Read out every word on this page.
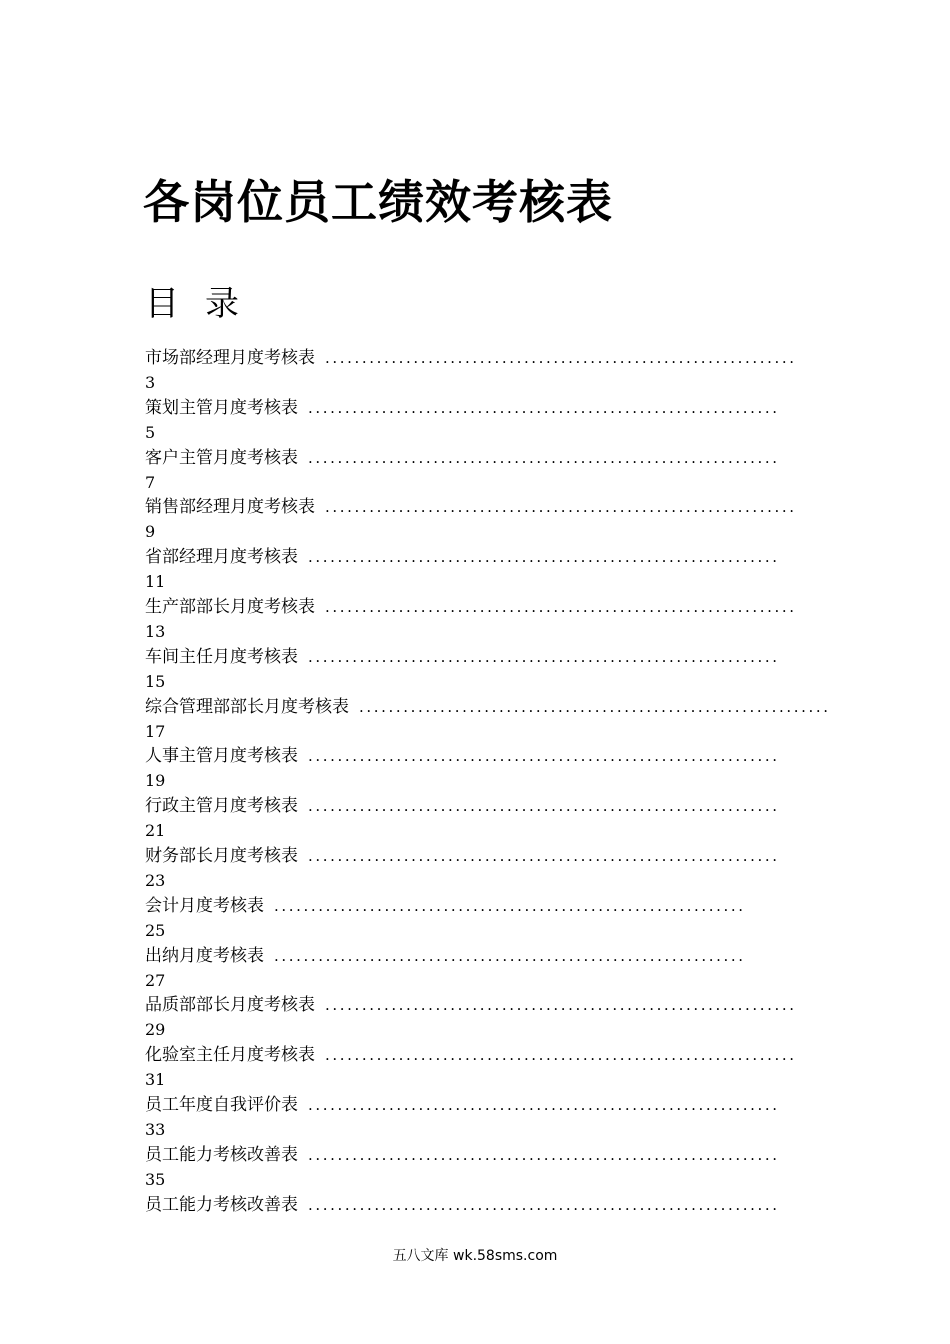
各岗位员工绩效考核表
目录
市场部经理月度考核表 ................................................................
3
策划主管月度考核表 ................................................................
5
客户主管月度考核表 ................................................................
7
销售部经理月度考核表 ................................................................
9
省部经理月度考核表 ................................................................
11
生产部部长月度考核表 ................................................................
13
车间主任月度考核表 ................................................................
15
综合管理部部长月度考核表 ................................................................
17
人事主管月度考核表 ................................................................
19
行政主管月度考核表 ................................................................
21
财务部长月度考核表 ................................................................
23
会计月度考核表 ................................................................
25
出纳月度考核表 ................................................................
27
品质部部长月度考核表 ................................................................
29
化验室主任月度考核表 ................................................................
31
员工年度自我评价表 ................................................................
33
员工能力考核改善表 ................................................................
35
员工能力考核改善表 ................................................................
五八文库 wk.58sms.com
